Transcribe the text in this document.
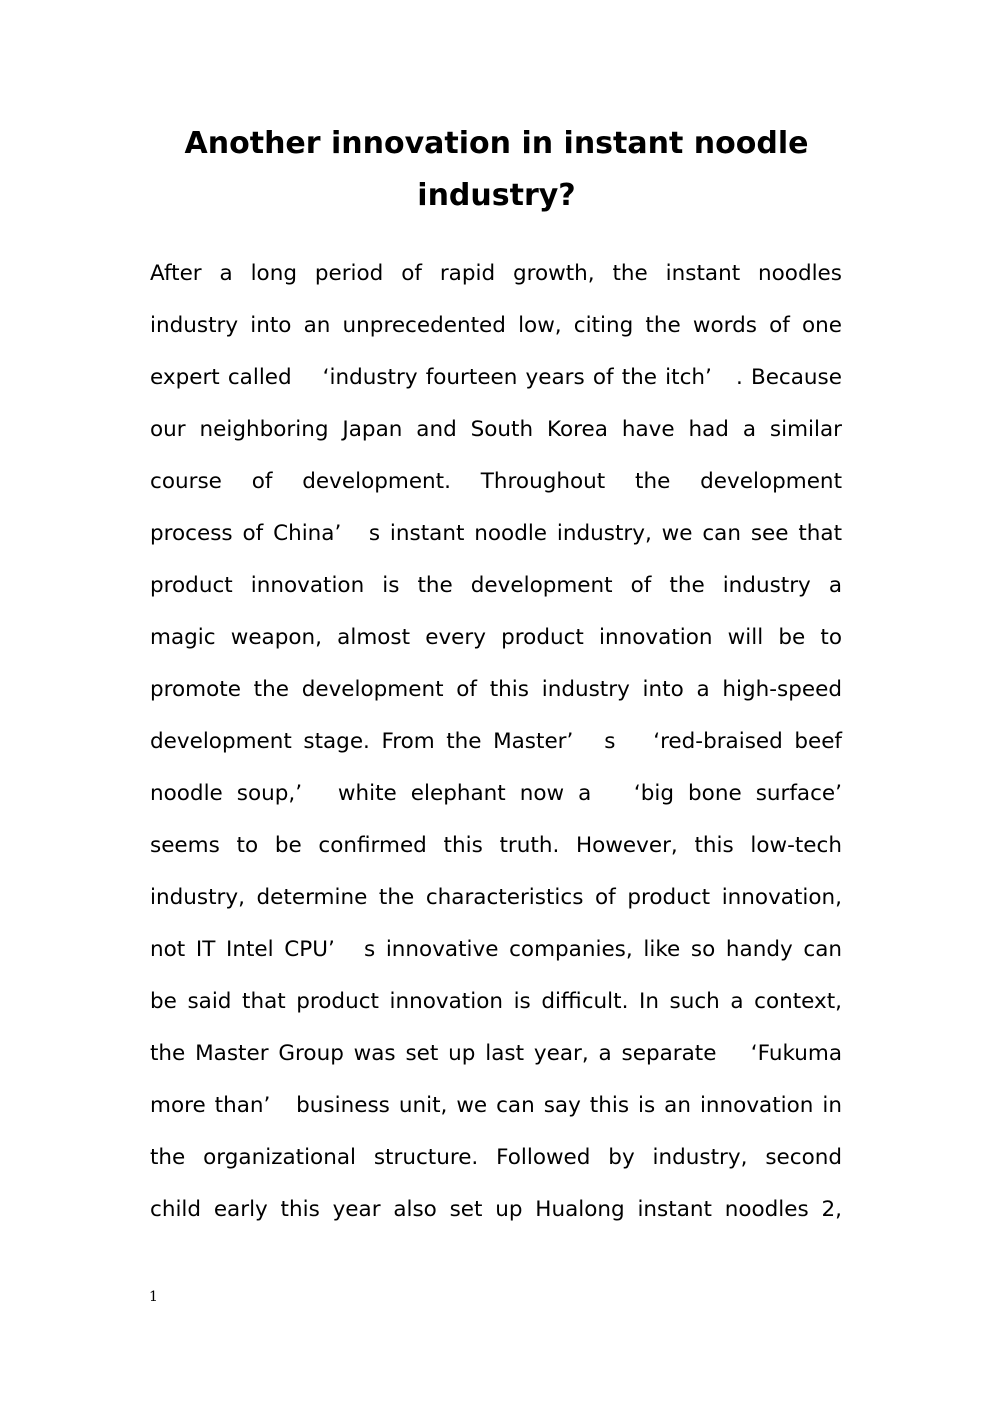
Another innovation in instant noodle
industry?
After a long period of rapid growth, the instant noodles
industry into an unprecedented low, citing the words of one
expert called 　‘industry fourteen years of the itch’　. Because
our neighboring Japan and South Korea have had a similar
course of development. Throughout the development
process of China’　s instant noodle industry, we can see that
product innovation is the development of the industry a
magic weapon, almost every product innovation will be to
promote the development of this industry into a high-speed
development stage. From the Master’　s 　‘red-braised beef
noodle soup,’　white elephant now a 　‘big bone surface’
seems to be confirmed this truth. However, this low-tech
industry, determine the characteristics of product innovation,
not IT Intel CPU’　s innovative companies, like so handy can
be said that product innovation is difficult. In such a context,
the Master Group was set up last year, a separate 　‘Fukuma
more than’　business unit, we can say this is an innovation in
the organizational structure. Followed by industry, second
child early this year also set up Hualong instant noodles 2,
1
